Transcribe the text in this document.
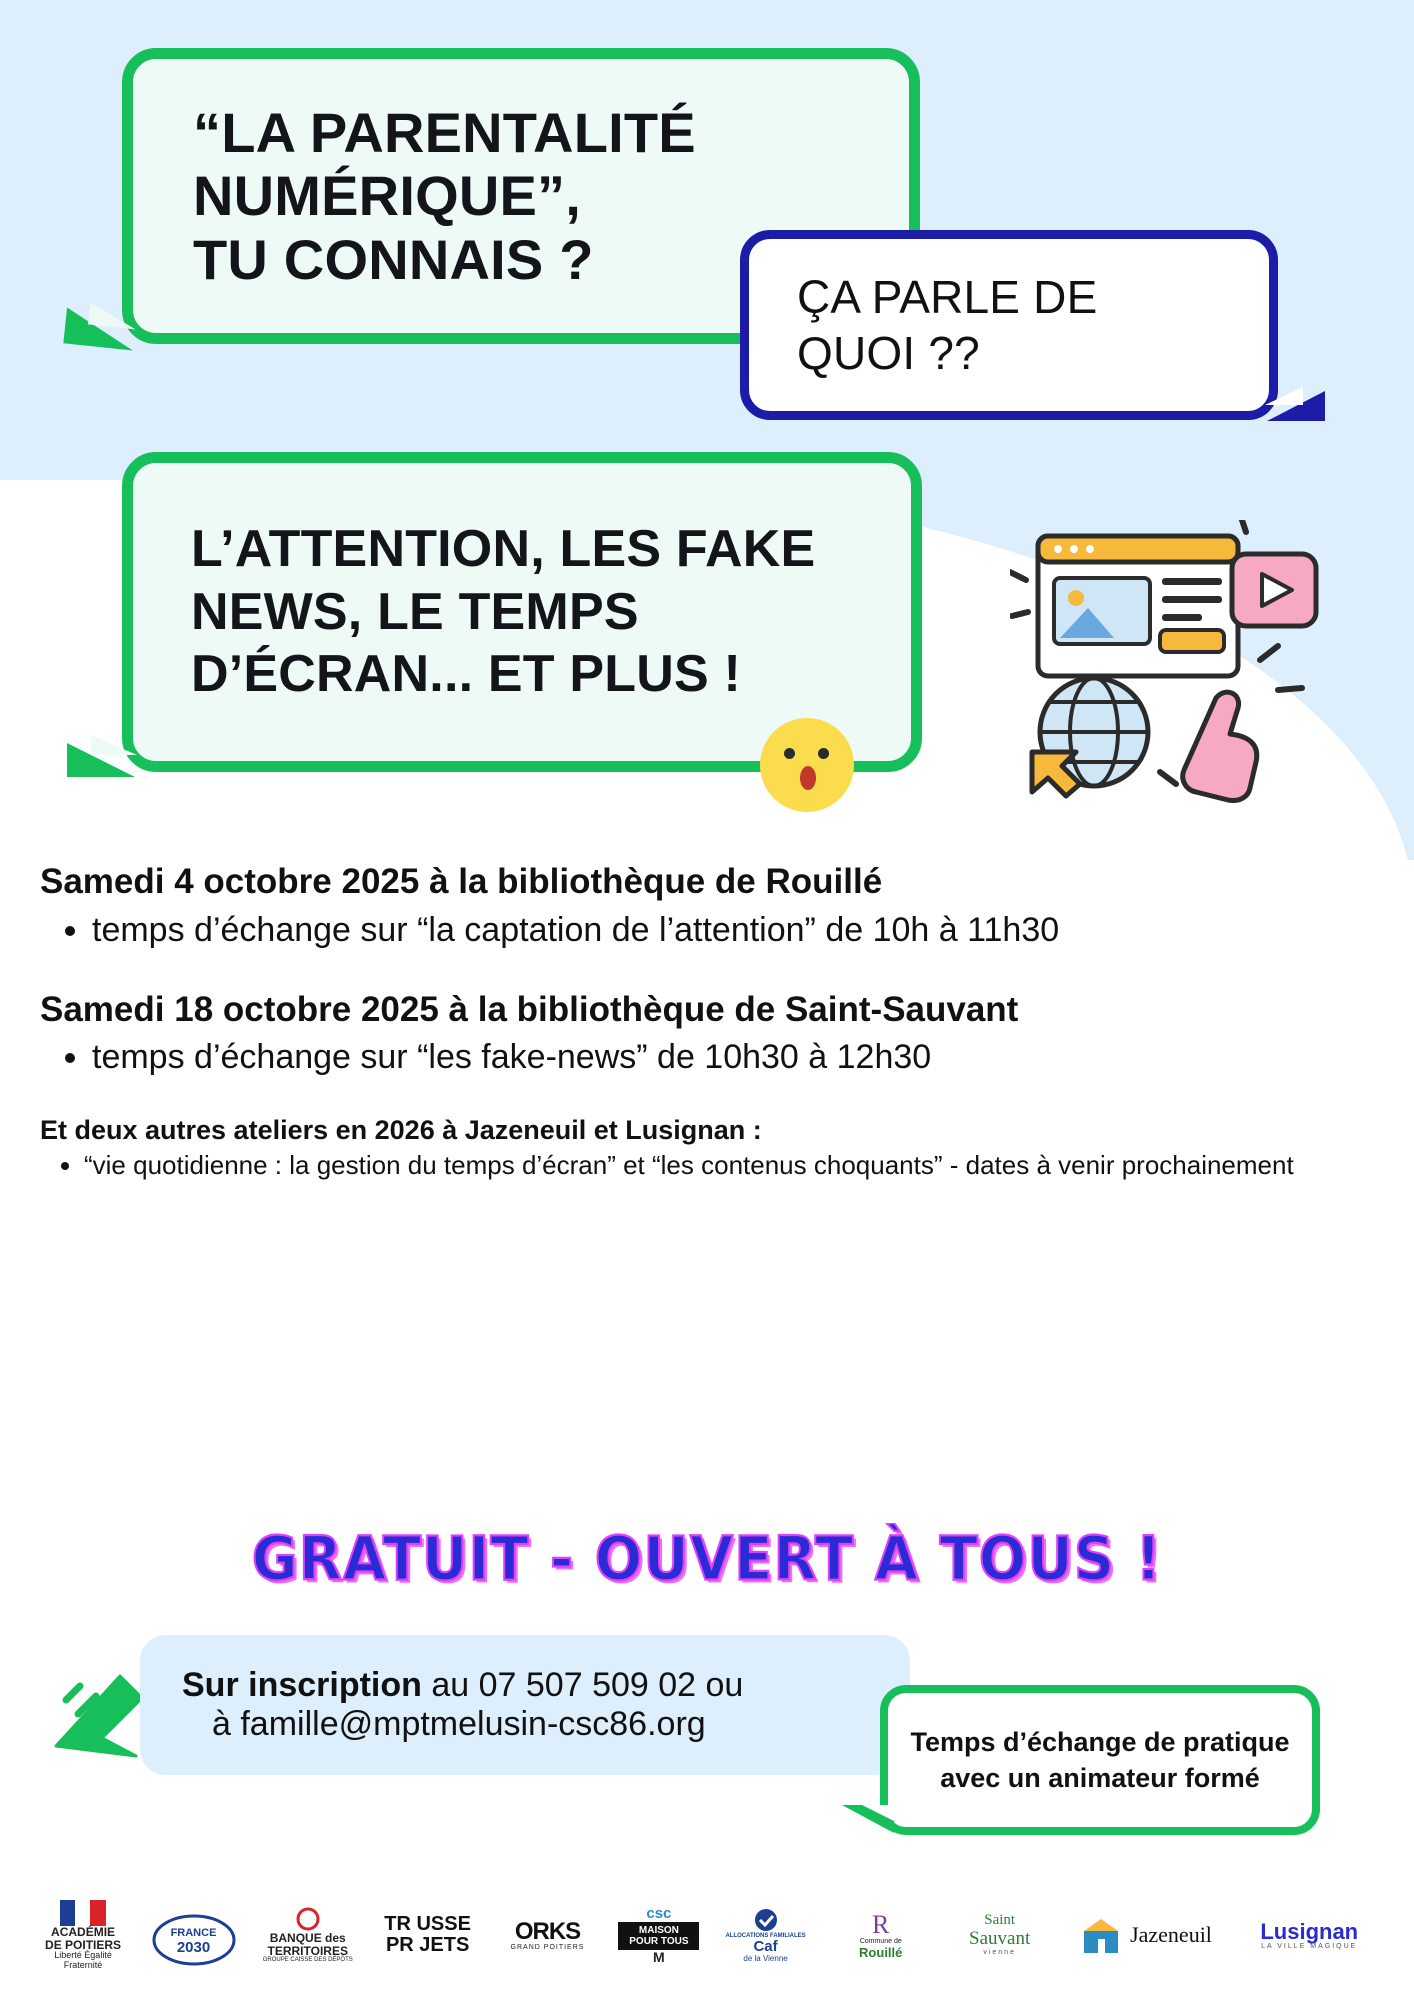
“LA PARENTALITÉ
NUMÉRIQUE”,
TU CONNAIS ?
ÇA PARLE DE
QUOI ??
L’ATTENTION, LES FAKE
NEWS, LE TEMPS
D’ÉCRAN... ET PLUS !
Samedi 4 octobre 2025 à la bibliothèque de Rouillé
• temps d’échange sur “la captation de l’attention” de 10h à 11h30
Samedi 18 octobre 2025 à la bibliothèque de Saint-Sauvant
• temps d’échange sur “les fake-news” de 10h30 à 12h30
Et deux autres ateliers en 2026 à Jazeneuil et Lusignan :
• “vie quotidienne : la gestion du temps d’écran” et “les contenus choquants” - dates à venir prochainement
GRATUIT - OUVERT À TOUS !
Sur inscription au 07 507 509 02 ou
à famille@mptmelusin-csc86.org	Temps d’échange de pratique avec un animateur formé
ACADÉMIE
DE POITIERS
Liberté Égalité Fraternité
FRANCE
2030
BANQUE des
TERRITOIRES
GROUPE CAISSE DES DÉPÔTS
TR USSE
PR JETS
ORKS
GRAND POITIERS
csc
MAISON POUR TOUS
M
ALLOCATIONS FAMILIALES
Caf
de la Vienne
R
Commune de
Rouillé
Saint
Sauvant
vienne
Jazeneuil Lusignan
LA VILLE MAGIQUE
